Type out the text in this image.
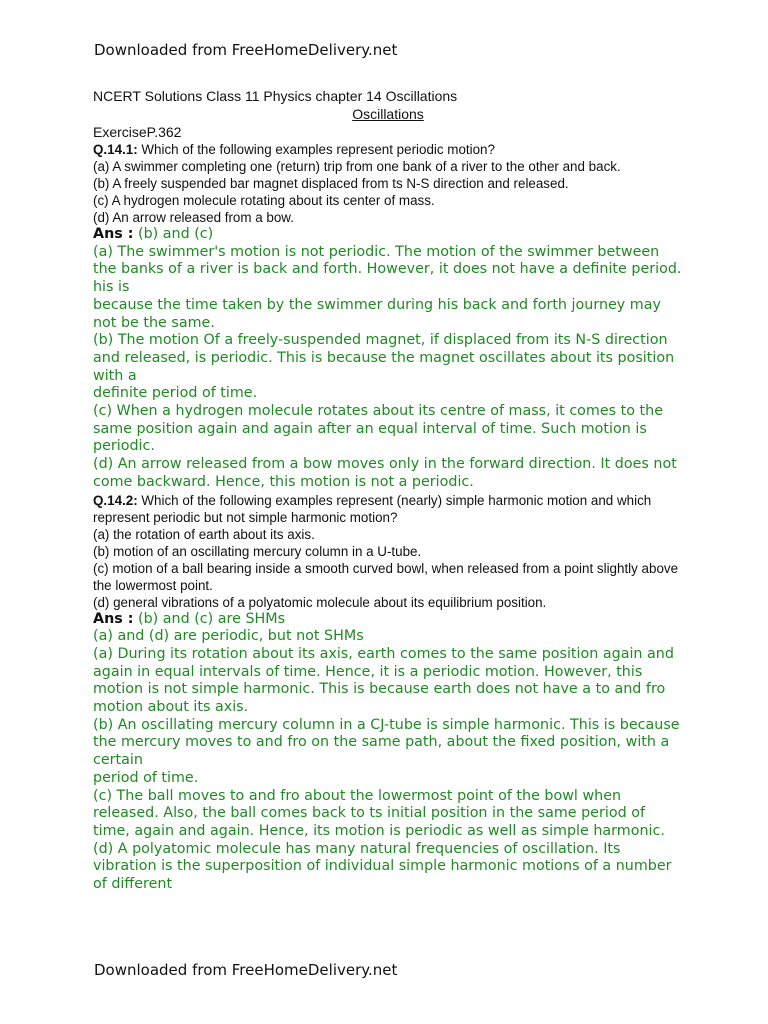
Downloaded from FreeHomeDelivery.net
NCERT Solutions Class 11 Physics chapter 14 Oscillations
Oscillations
ExerciseP.362
Q.14.1: Which of the following examples represent periodic motion?
(a) A swimmer completing one (return) trip from one bank of a river to the other and back.
(b) A freely suspended bar magnet displaced from ts N-S direction and released.
(c) A hydrogen molecule rotating about its center of mass.
(d) An arrow released from a bow.
Ans : (b) and (c)
(a) The swimmer's motion is not periodic. The motion of the swimmer between the banks of a river is back and forth. However, it does not have a definite period. his is
because the time taken by the swimmer during his back and forth journey may not be the same.
(b) The motion Of a freely-suspended magnet, if displaced from its N-S direction and released, is periodic. This is because the magnet oscillates about its position with a
definite period of time.
(c) When a hydrogen molecule rotates about its centre of mass, it comes to the same position again and again after an equal interval of time. Such motion is periodic.
(d) An arrow released from a bow moves only in the forward direction. It does not come backward. Hence, this motion is not a periodic.
Q.14.2: Which of the following examples represent (nearly) simple harmonic motion and which represent periodic but not simple harmonic motion?
(a) the rotation of earth about its axis.
(b) motion of an oscillating mercury column in a U-tube.
(c) motion of a ball bearing inside a smooth curved bowl, when released from a point slightly above the lowermost point.
(d) general vibrations of a polyatomic molecule about its equilibrium position.
Ans : (b) and (c) are SHMs
(a) and (d) are periodic, but not SHMs
(a) During its rotation about its axis, earth comes to the same position again and again in equal intervals of time. Hence, it is a periodic motion. However, this motion is not simple harmonic. This is because earth does not have a to and fro motion about its axis.
(b) An oscillating mercury column in a CJ-tube is simple harmonic. This is because the mercury moves to and fro on the same path, about the fixed position, with a certain
period of time.
(c) The ball moves to and fro about the lowermost point of the bowl when released. Also, the ball comes back to ts initial position in the same period of time, again and again. Hence, its motion is periodic as well as simple harmonic.
(d) A polyatomic molecule has many natural frequencies of oscillation. Its vibration is the superposition of individual simple harmonic motions of a number of different
Downloaded from FreeHomeDelivery.net
